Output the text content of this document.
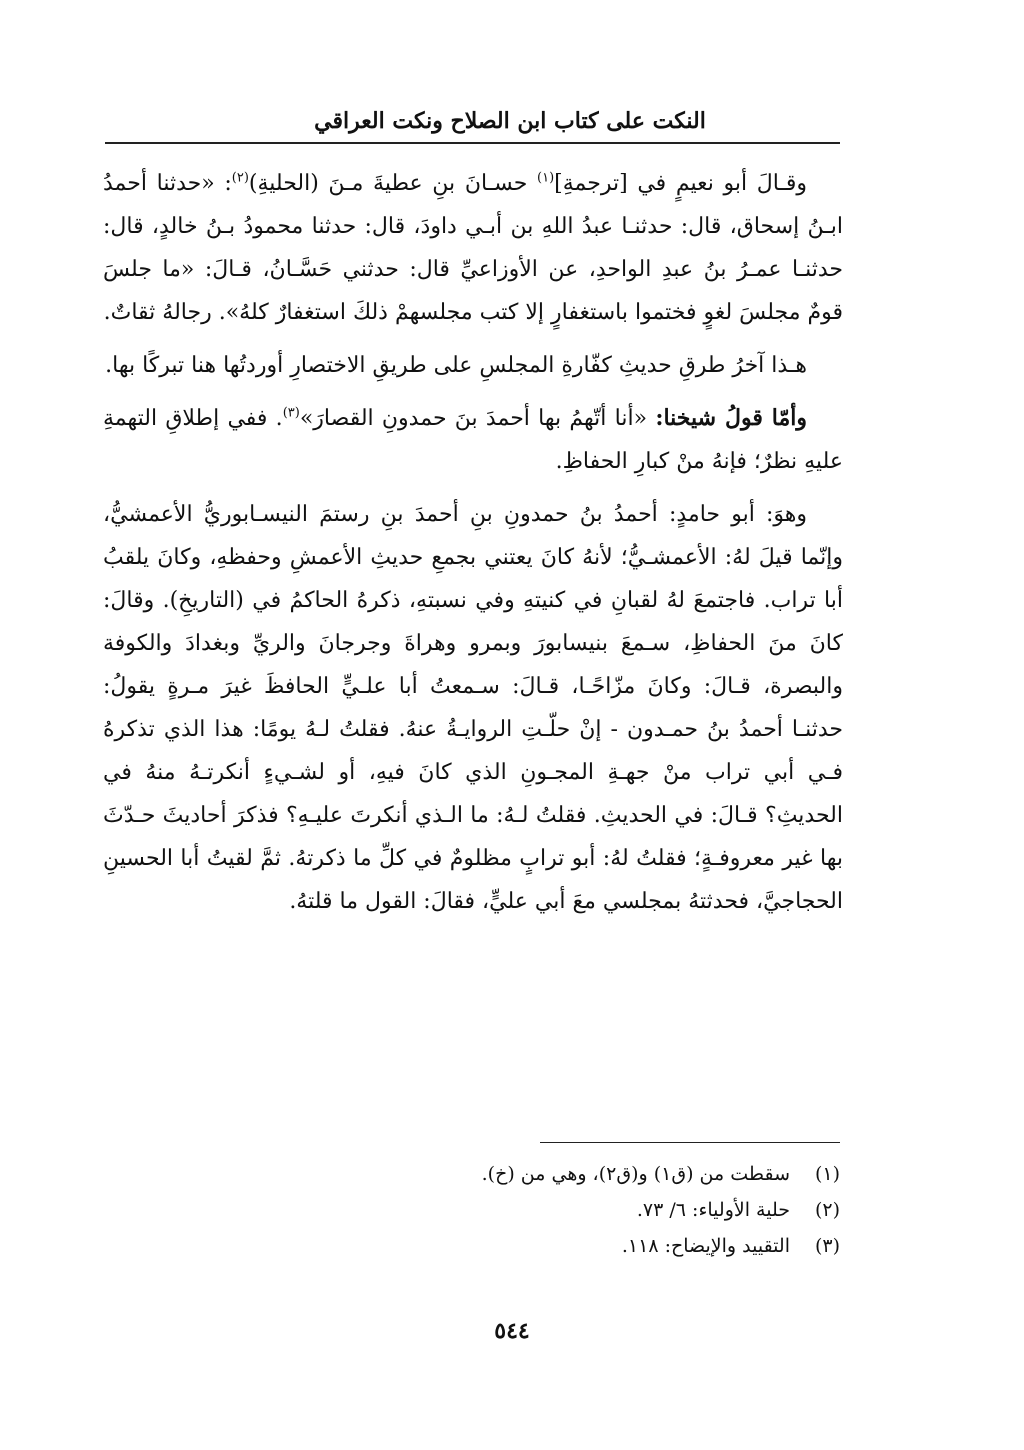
النكت على كتاب ابن الصلاح ونكت العراقي

وقـالَ أبو نعيمٍ في [ترجمةِ]$^{(١)}$ حسـانَ بنِ عطيةَ مـنَ (الحليةِ)$^{(٢)}$: «حدثنا أحمدُ ابـنُ إسحاق، قال: حدثنـا عبدُ اللهِ بن أبـي داودَ، قال: حدثنا محمودُ بـنُ خالدٍ، قال: حدثنـا عمـرُ بنُ عبدِ الواحدِ، عن الأوزاعيِّ قال: حدثني حَسَّـانُ، قـالَ: «ما جلسَ قومٌ مجلسَ لغوٍ فختموا باستغفارٍ إلا كتب مجلسهمْ ذلكَ استغفارٌ كلهُ». رجالهُ ثقاتٌ.

هـذا آخرُ طرقِ حديثِ كفّارةِ المجلسِ على طريقِ الاختصارِ أوردتُها هنا تبركًا بها.

وأمّا قولُ شيخنا: «أنا أتّهمُ بها أحمدَ بنَ حمدونِ القصارَ»$^{(٣)}$. ففي إطلاقِ التهمةِ عليهِ نظرٌ؛ فإنهُ منْ كبارِ الحفاظِ.

وهوَ: أبو حامدٍ: أحمدُ بنُ حمدونِ بنِ أحمدَ بنِ رستمَ النيسـابوريُّ الأعمشيُّ، وإنّما قيلَ لهُ: الأعمشـيُّ؛ لأنهُ كانَ يعتني بجمعِ حديثِ الأعمشِ وحفظهِ، وكانَ يلقبُ أبا تراب. فاجتمعَ لهُ لقبانِ في كنيتهِ وفي نسبتهِ، ذكرهُ الحاكمُ في (التاريخِ). وقالَ: كانَ منَ الحفاظِ، سـمعَ بنيسابورَ وبمرو وهراةَ وجرجانَ والريِّ وبغدادَ والكوفة والبصرة، قـالَ: وكانَ مزّاحًـا، قـالَ: سـمعتُ أبا علـيٍّ الحافظَ غيرَ مـرةٍ يقولُ: حدثنـا أحمدُ بنُ حمـدون - إنْ حلّـتِ الروايـةُ عنهُ. فقلتُ لـهُ يومًا: هذا الذي تذكرهُ فـي أبي تراب منْ جهـةِ المجـونِ الذي كانَ فيهِ، أو لشـيءٍ أنكرتـهُ منهُ في الحديثِ؟ قـالَ: في الحديثِ. فقلتُ لـهُ: ما الـذي أنكرتَ عليـهِ؟ فذكرَ أحاديثَ حـدّثَ بها غير معروفـةٍ؛ فقلتُ لهُ: أبو ترابٍ مظلومٌ في كلِّ ما ذكرتهُ. ثمَّ لقيتُ أبا الحسينِ الحجاجيَّ، فحدثتهُ بمجلسي معَ أبي عليٍّ، فقالَ: القول ما قلتهُ.

(١)
سقطت من (ق١) و(ق٢)، وهي من (خ).
(٢)
حلية الأولياء: ٦/ ٧٣.
(٣)
التقييد والإيضاح: ١١٨.
٥٤٤
